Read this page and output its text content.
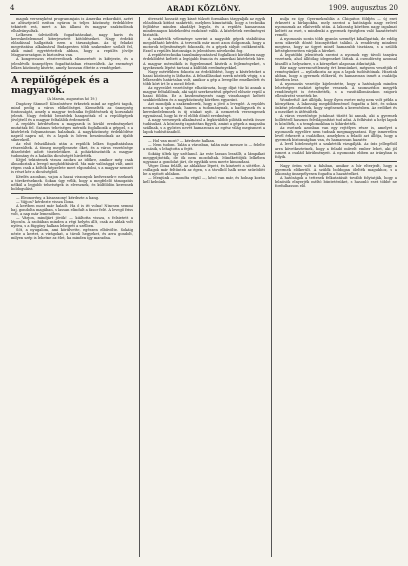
4	ARADI KÖZLÖNY.	1909. augusztus 20

maguk versenyként programmjain is Amerika rekordiáit, azért az altisztjeiről ezúton nyáron is teljes közönség érdeklődve tekintett reá, mert a kis állami és magyar szaktudósok elhalványultak.

Lelkesen üdvözölték fogadtatásukat, nagy haris és kereskedelemmel kiterjesztett kötődéseiket. Nagy érdekű előadással hallgattak ezen a társaságban. Az új feladat megvitatása alkalmával Budapesten több szakember szólalt fel, akik mind egyetértettek abban, hogy a repülés jövője Magyarországon is biztosítva van.

A kongresszus résztvevőinek elismerését is kifejezte, és a jelenlévők ünnepélyes fogadtatásban részesültek. Az eseményt lelkes közönség kísérte, amely hosszan éltette a vendégeket.

A repülőgépek és a magyarok.
(A Marsin, augusztus hó 19.)

Dugáczy Sámuel! Köszöntésre érkeztek mind az egyleti tagok, mind pedig a város előkelőségei. Kiemelték az ünnepség fontosságát, amely a magyar technika fejlődésének új korszakát jelenti. Nagy érdekű beszédek hangzottak el a repülőgépek jövőjéről és a magyar feltalálók érdemeiről.

A repülés kérdésében a magyarok is kiváló eredményeket mutattak fel. Számos tehetséges mérnök foglalkozik a géppel, s a kísérletek folyamatosan haladnak. A nagyközönség érdeklődése napról napra nő, és a lapok is bőven beszámolnak az újabb sikerekről.

Az első felszállások után a repülők lelkes fogadtatásban részesültek. A tömeg megéljenezte őket, és a város vezetősége díszebédet adott tiszteletükre. A pohárköszöntők a magyar tudomány és a haladás dicsőségét hirdették.

Kéjjel tekintenek vissza azokra az időkre, amikor még csak álmodoztak a levegő meghódításáról. Ma már valósággá vált, amit régen csak a költők képzelete mert elgondolni, s a magyar nemzet is részt kér a dicsőségből.

Kérdés azonban, vajon a hazai viszonyok kedveznek-e ezeknek a törekvéseknek. Sokan úgy vélik, hogy a megfelelő támogatás nélkül a legjobb tehetségek is elvesznek, és külföldön keresnek boldogulást.

— Eleonorény, a kisasszony! kérdezte a hang.

— Vájjon? kérdezte vissza Ilona.

A kertben most már haladt. Ha ő is itt volna! Nincsen semmi baj, gondolta magában, s lassan elindult a fasor felé. A levegő friss volt, a nap már lemenőben.

— Várjon, mindjárt jövök! — kiáltotta vissza, s felsietett a lépcsőn. A szobában minden a régi helyén állt, csak az ablak volt nyitva, s a függöny halkan lebegett a szélben.

Sőt, a nyugalom, ami körülvette, egészen elbűvölte. Sokáig nézte a kertet, a virágokat, a távoli hegyeket, és arra gondolt, milyen szép is lehetne az élet, ha minden így maradna.

útvesztő hosszát egy kissé túlzott formában tárgyalják az egyik előadónak kitűnt szakértői, melyben kimutatták, hogy a technika fejlődése minden akadályt legyőz, és a repülés hamarosan mindennapos közlekedési eszközzé válik. A kísérletek eredményei biztatók.

A szakértők véleménye szerint a nagyobb gépek stabilitása megoldható kérdés. A tervezők már most azon dolgoznak, hogy a motorok teljesítményét fokozzák, és a gépek súlyát csökkentsék. Ezzel a repülés biztonsága is jelentősen növekedni fog.

A repüléstechnika tanulmányozásával foglalkozó körökben nagy érdeklődést keltett a legújabb francia és amerikai kísérletek híre. A magyar mérnökök is figyelemmel kísérik a fejleményeket, s igyekeznek lépést tartani a külföldi eredményekkel.

Nagy mértékben fokozta az érdeklődést, hogy a kísérleteket a hazai közönség is láthatta. A felszállásokat ezrek nézték végig, s a lelkesedés határtalan volt, amikor a gép a levegőbe emelkedett és több kört írt le a mező felett.

Az egyesület vezetősége elhatározta, hogy díjat tűz ki annak a magyar feltalálónak, aki saját szerkesztésű gépével először repül a hazai földön. Ez a kezdeményezés nagy visszhangot keltett szakkörökben és a nagyközönség körében egyaránt.

Azt mondják a szakemberek, hogy a jövő a levegőé. A repülés nemcsak a sportnak, hanem a tudománynak, a hadügynek és a kereskedelemnek is új utakat nyit. A nemzetek versengenek egymással, hogy ki ér el előbb döntő eredményt.

A nagy versenyek alkalmával a legkiválóbb pilóták mérik össze tudásukat. A közönség izgatottan figyeli, amint a gépek a magasba szállnak, s a győztes nevét hamarosan az egész világ megismeri a lapok tudósításaiból.

— Hol van most? — kérdezte halkan.

— Nem tudom. Talán a városban, talán már messze is — felelte a másik, s lehajtotta a fejét.

Sokáig ültek így szótlanul. Az este lassan leszállt, a lámpákat meggyújtották, de ők nem mozdultak. Mindkettőjük lelkében ugyanaz a gondolat járt, de egyikük sem merte kimondani.

Végre Ilona felállt, az ablakhoz lépett, és kinézett a sötétbe. A csillagok már feltűntek az égen, s a távolból halk zene szűrődött be a nyitott ablakon.

— Menjünk — mondta végül —, késő van már, és holnap korán kell kelnünk.

nulja ez így. Gyermekrablás a Chiquitos földjén — új eset érkezett a hírlapokba, mely szerint a hatóságok nagy erővel nyomoznak az elkövetők után. A lakosság körében nagy izgalmat keltett az eset, s mindenki a gyermek épségben való hazatérését reméli.

A nyomozás során több gyanús személyt kihallgattak, de eddig nem sikerült döntő bizonyítékot találni. A rendőrség mindent megtesz, hogy az ügyet minél hamarabb tisztázza, s a szülők kétségbeesetten várják a híreket.

A legutóbbi jelentések szerint a nyomok egy távoli tanyára vezetnek, ahol állítólag idegeneket láttak. A csendőrség azonnal kiszállt a helyszínre, s a környéket alaposan átkutatják.

Bár nagy szerencsétlenség ért bennünket, mégsem veszítjük el reményünket — nyilatkozta az apa a lapok tudósítóinak. Hiszünk abban, hogy a gyermek előkerül, és hamarosan ismét a családja körében lesz.

A nyomozás vezetője kijelentette, hogy a hatóságok minden lehetséges eszközt igénybe vesznek. A szomszédos megyék rendőrségét is értesítették, s a vasútállomásokon szigorú ellenőrzést vezettek be.

Wonderful! Azt állítják, hogy ilyen esetre még nem volt példa a környéken. A lakosság megdöbbenéssel fogadta a hírt, és sokan önként jelentkeztek, hogy segítsenek a keresésben. Az erdőket és a mezőket is átfésülték.

A város vezetősége jutalmat tűzött ki annak, aki a gyermek hollétéről hasznos felvilágosítást tud adni. A felhívást a helyi lapok is közölték, s a templomokban is kihirdették.

Az esetnek azonban van egy rejtélyes része is, amelyet a nyomozók egyelőre nem tudnak megmagyarázni. Egy ismeretlen levél érkezett a családhoz, amelyben a feladó azt állítja, hogy a gyermek biztonságban van, és hamarosan hazatér.

A levél hitelességét a szakértők vizsgálják. Az írás jellegéből arra következtetnek, hogy a feladó művelt ember lehet, aki jól ismeri a család körülményeit. A nyomozás ebben az irányban is folyik.

Nagy öröm volt a faluban, amikor a hír elterjedt, hogy a gyermek előkerült. A szülők boldogan ölelték magukhoz, s a lakosság ünnepélyesen fogadta a hazatérőket.

A hatóságok a tettesek felkutatását tovább folytatják, hogy a bűnösök elnyerjék méltó büntetésüket, s hasonló eset többé ne fordulhasson elő.
